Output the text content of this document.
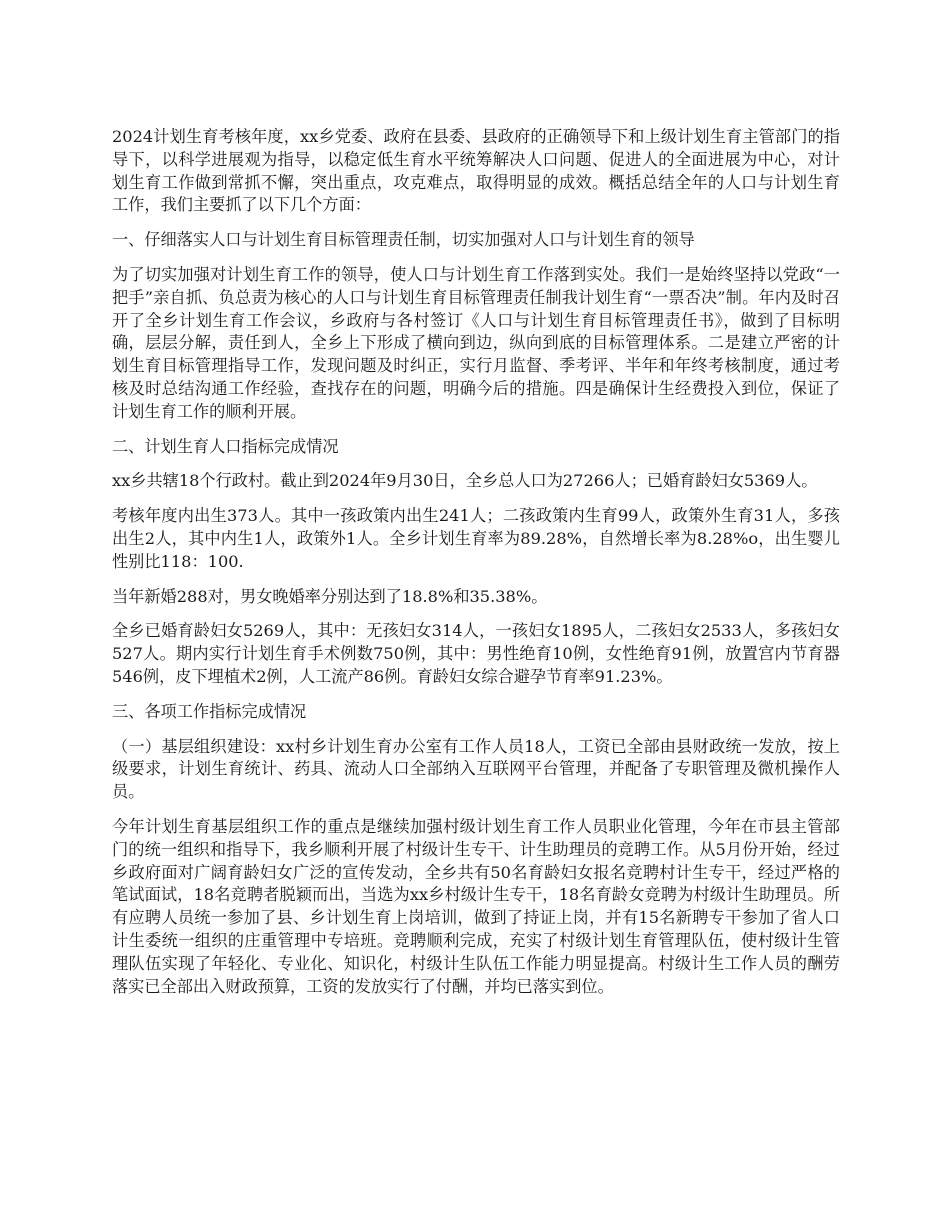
2024计划生育考核年度，xx乡党委、政府在县委、县政府的正确领导下和上级计划生育主管部门的指导下，以科学进展观为指导，以稳定低生育水平统筹解决人口问题、促进人的全面进展为中心，对计划生育工作做到常抓不懈，突出重点，攻克难点，取得明显的成效。概括总结全年的人口与计划生育工作，我们主要抓了以下几个方面：

一、仔细落实人口与计划生育目标管理责任制，切实加强对人口与计划生育的领导

为了切实加强对计划生育工作的领导，使人口与计划生育工作落到实处。我们一是始终坚持以党政“一把手”亲自抓、负总责为核心的人口与计划生育目标管理责任制我计划生育“一票否决”制。年内及时召开了全乡计划生育工作会议，乡政府与各村签订《人口与计划生育目标管理责任书》，做到了目标明确，层层分解，责任到人，全乡上下形成了横向到边，纵向到底的目标管理体系。二是建立严密的计划生育目标管理指导工作，发现问题及时纠正，实行月监督、季考评、半年和年终考核制度，通过考核及时总结沟通工作经验，查找存在的问题，明确今后的措施。四是确保计生经费投入到位，保证了计划生育工作的顺利开展。

二、计划生育人口指标完成情况

xx乡共辖18个行政村。截止到2024年9月30日，全乡总人口为27266人；已婚育龄妇女5369人。

考核年度内出生373人。其中一孩政策内出生241人；二孩政策内生育99人，政策外生育31人，多孩出生2人，其中内生1人，政策外1人。全乡计划生育率为89.28%，自然增长率为8.28%o，出生婴儿性别比118：100.

当年新婚288对，男女晚婚率分别达到了18.8%和35.38%。

全乡已婚育龄妇女5269人，其中：无孩妇女314人，一孩妇女1895人，二孩妇女2533人，多孩妇女527人。期内实行计划生育手术例数750例，其中：男性绝育10例，女性绝育91例，放置宫内节育器546例，皮下埋植术2例，人工流产86例。育龄妇女综合避孕节育率91.23%。

三、各项工作指标完成情况

（一）基层组织建设：xx村乡计划生育办公室有工作人员18人，工资已全部由县财政统一发放，按上级要求，计划生育统计、药具、流动人口全部纳入互联网平台管理，并配备了专职管理及微机操作人员。

今年计划生育基层组织工作的重点是继续加强村级计划生育工作人员职业化管理，今年在市县主管部门的统一组织和指导下，我乡顺利开展了村级计生专干、计生助理员的竞聘工作。从5月份开始，经过乡政府面对广阔育龄妇女广泛的宣传发动，全乡共有50名育龄妇女报名竞聘村计生专干，经过严格的笔试面试，18名竞聘者脱颖而出，当选为xx乡村级计生专干，18名育龄女竞聘为村级计生助理员。所有应聘人员统一参加了县、乡计划生育上岗培训，做到了持证上岗，并有15名新聘专干参加了省人口计生委统一组织的庄重管理中专培班。竞聘顺利完成，充实了村级计划生育管理队伍，使村级计生管理队伍实现了年轻化、专业化、知识化，村级计生队伍工作能力明显提高。村级计生工作人员的酬劳落实已全部出入财政预算，工资的发放实行了付酬，并均已落实到位。
